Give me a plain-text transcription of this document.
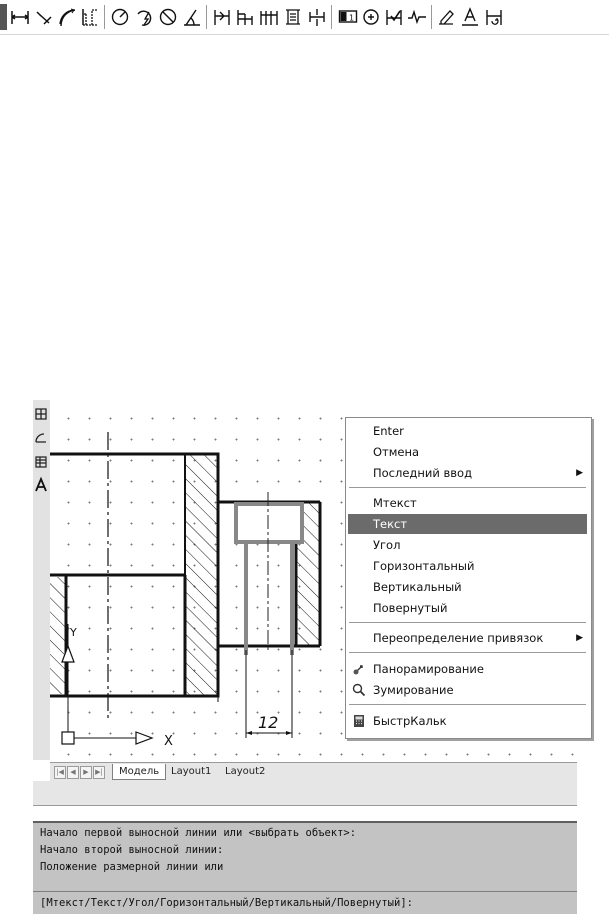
1
12
X
Y
Enter
Отмена
Последний ввод	▶
Мтекст
Текст
Угол
Горизонтальный
Вертикальный
Повернутый
Переопределение привязок	▶
Панорамирование
Зумирование
БыстрКальк
|◀ ◀	▶ ▶|	Модель	Layout1	Layout2
Начало первой выносной линии или <выбрать объект>:
Начало второй выносной линии:
Положение размерной линии или
[Мтекст/Текст/Угол/Горизонтальный/Вертикальный/Повернутый]:
